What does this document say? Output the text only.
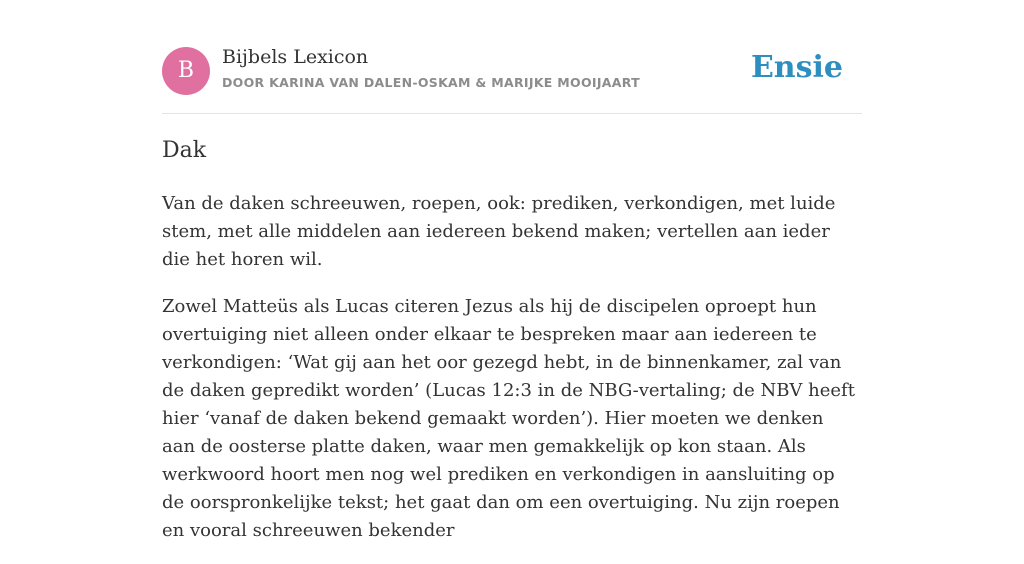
B
Bijbels Lexicon
DOOR KARINA VAN DALEN-OSKAM & MARIJKE MOOIJAART	Ensie
Dak

Van de daken schreeuwen, roepen, ook: prediken, verkondigen, met luide stem, met alle middelen aan iedereen bekend maken; vertellen aan ieder die het horen wil.

Zowel Matteüs als Lucas citeren Jezus als hij de discipelen oproept hun overtuiging niet alleen onder elkaar te bespreken maar aan iedereen te verkondigen: ‘Wat gij aan het oor gezegd hebt, in de binnenkamer, zal van de daken gepredikt worden’ (Lucas 12:3 in de NBG-vertaling; de NBV heeft hier ‘vanaf de daken bekend gemaakt worden’). Hier moeten we denken aan de oosterse platte daken, waar men gemakkelijk op kon staan. Als werkwoord hoort men nog wel prediken en verkondigen in aansluiting op de oorspronkelijke tekst; het gaat dan om een overtuiging. Nu zijn roepen en vooral schreeuwen bekender
